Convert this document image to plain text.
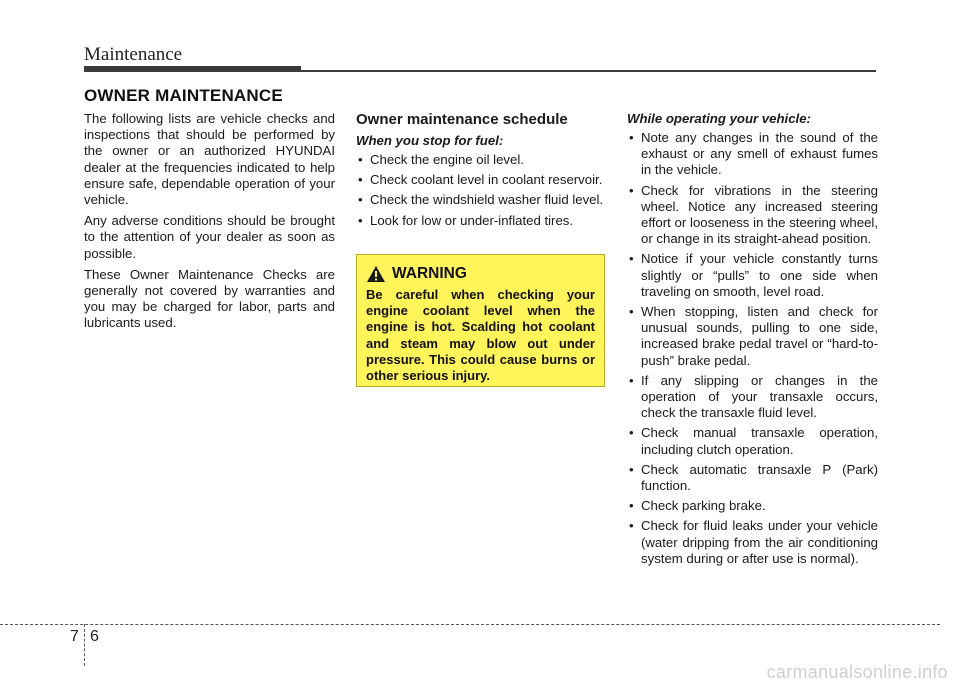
Maintenance
OWNER MAINTENANCE

The following lists are vehicle checks and inspections that should be performed by the owner or an authorized HYUNDAI dealer at the frequencies indicated to help ensure safe, dependable operation of your vehicle.

Any adverse conditions should be brought to the attention of your dealer as soon as possible.

These Owner Maintenance Checks are generally not covered by warranties and you may be charged for labor, parts and lubricants used.

Owner maintenance schedule
When you stop for fuel:
• Check the engine oil level.
• Check coolant level in coolant reservoir.
• Check the windshield washer fluid level.
• Look for low or under-inflated tires.
WARNING

Be careful when checking your engine coolant level when the engine is hot. Scalding hot coolant and steam may blow out under pressure. This could cause burns or other serious injury.

While operating your vehicle:
• Note any changes in the sound of the exhaust or any smell of exhaust fumes in the vehicle.
• Check for vibrations in the steering wheel. Notice any increased steering effort or looseness in the steering wheel, or change in its straight-ahead position.
• Notice if your vehicle constantly turns slightly or “pulls” to one side when traveling on smooth, level road.
• When stopping, listen and check for unusual sounds, pulling to one side, increased brake pedal travel or “hard-to-push” brake pedal.
• If any slipping or changes in the operation of your transaxle occurs, check the transaxle fluid level.
• Check manual transaxle operation, including clutch operation.
• Check automatic transaxle P (Park) function.
• Check parking brake.
• Check for fluid leaks under your vehicle (water dripping from the air conditioning system during or after use is normal).
7 6
carmanualsonline.info
